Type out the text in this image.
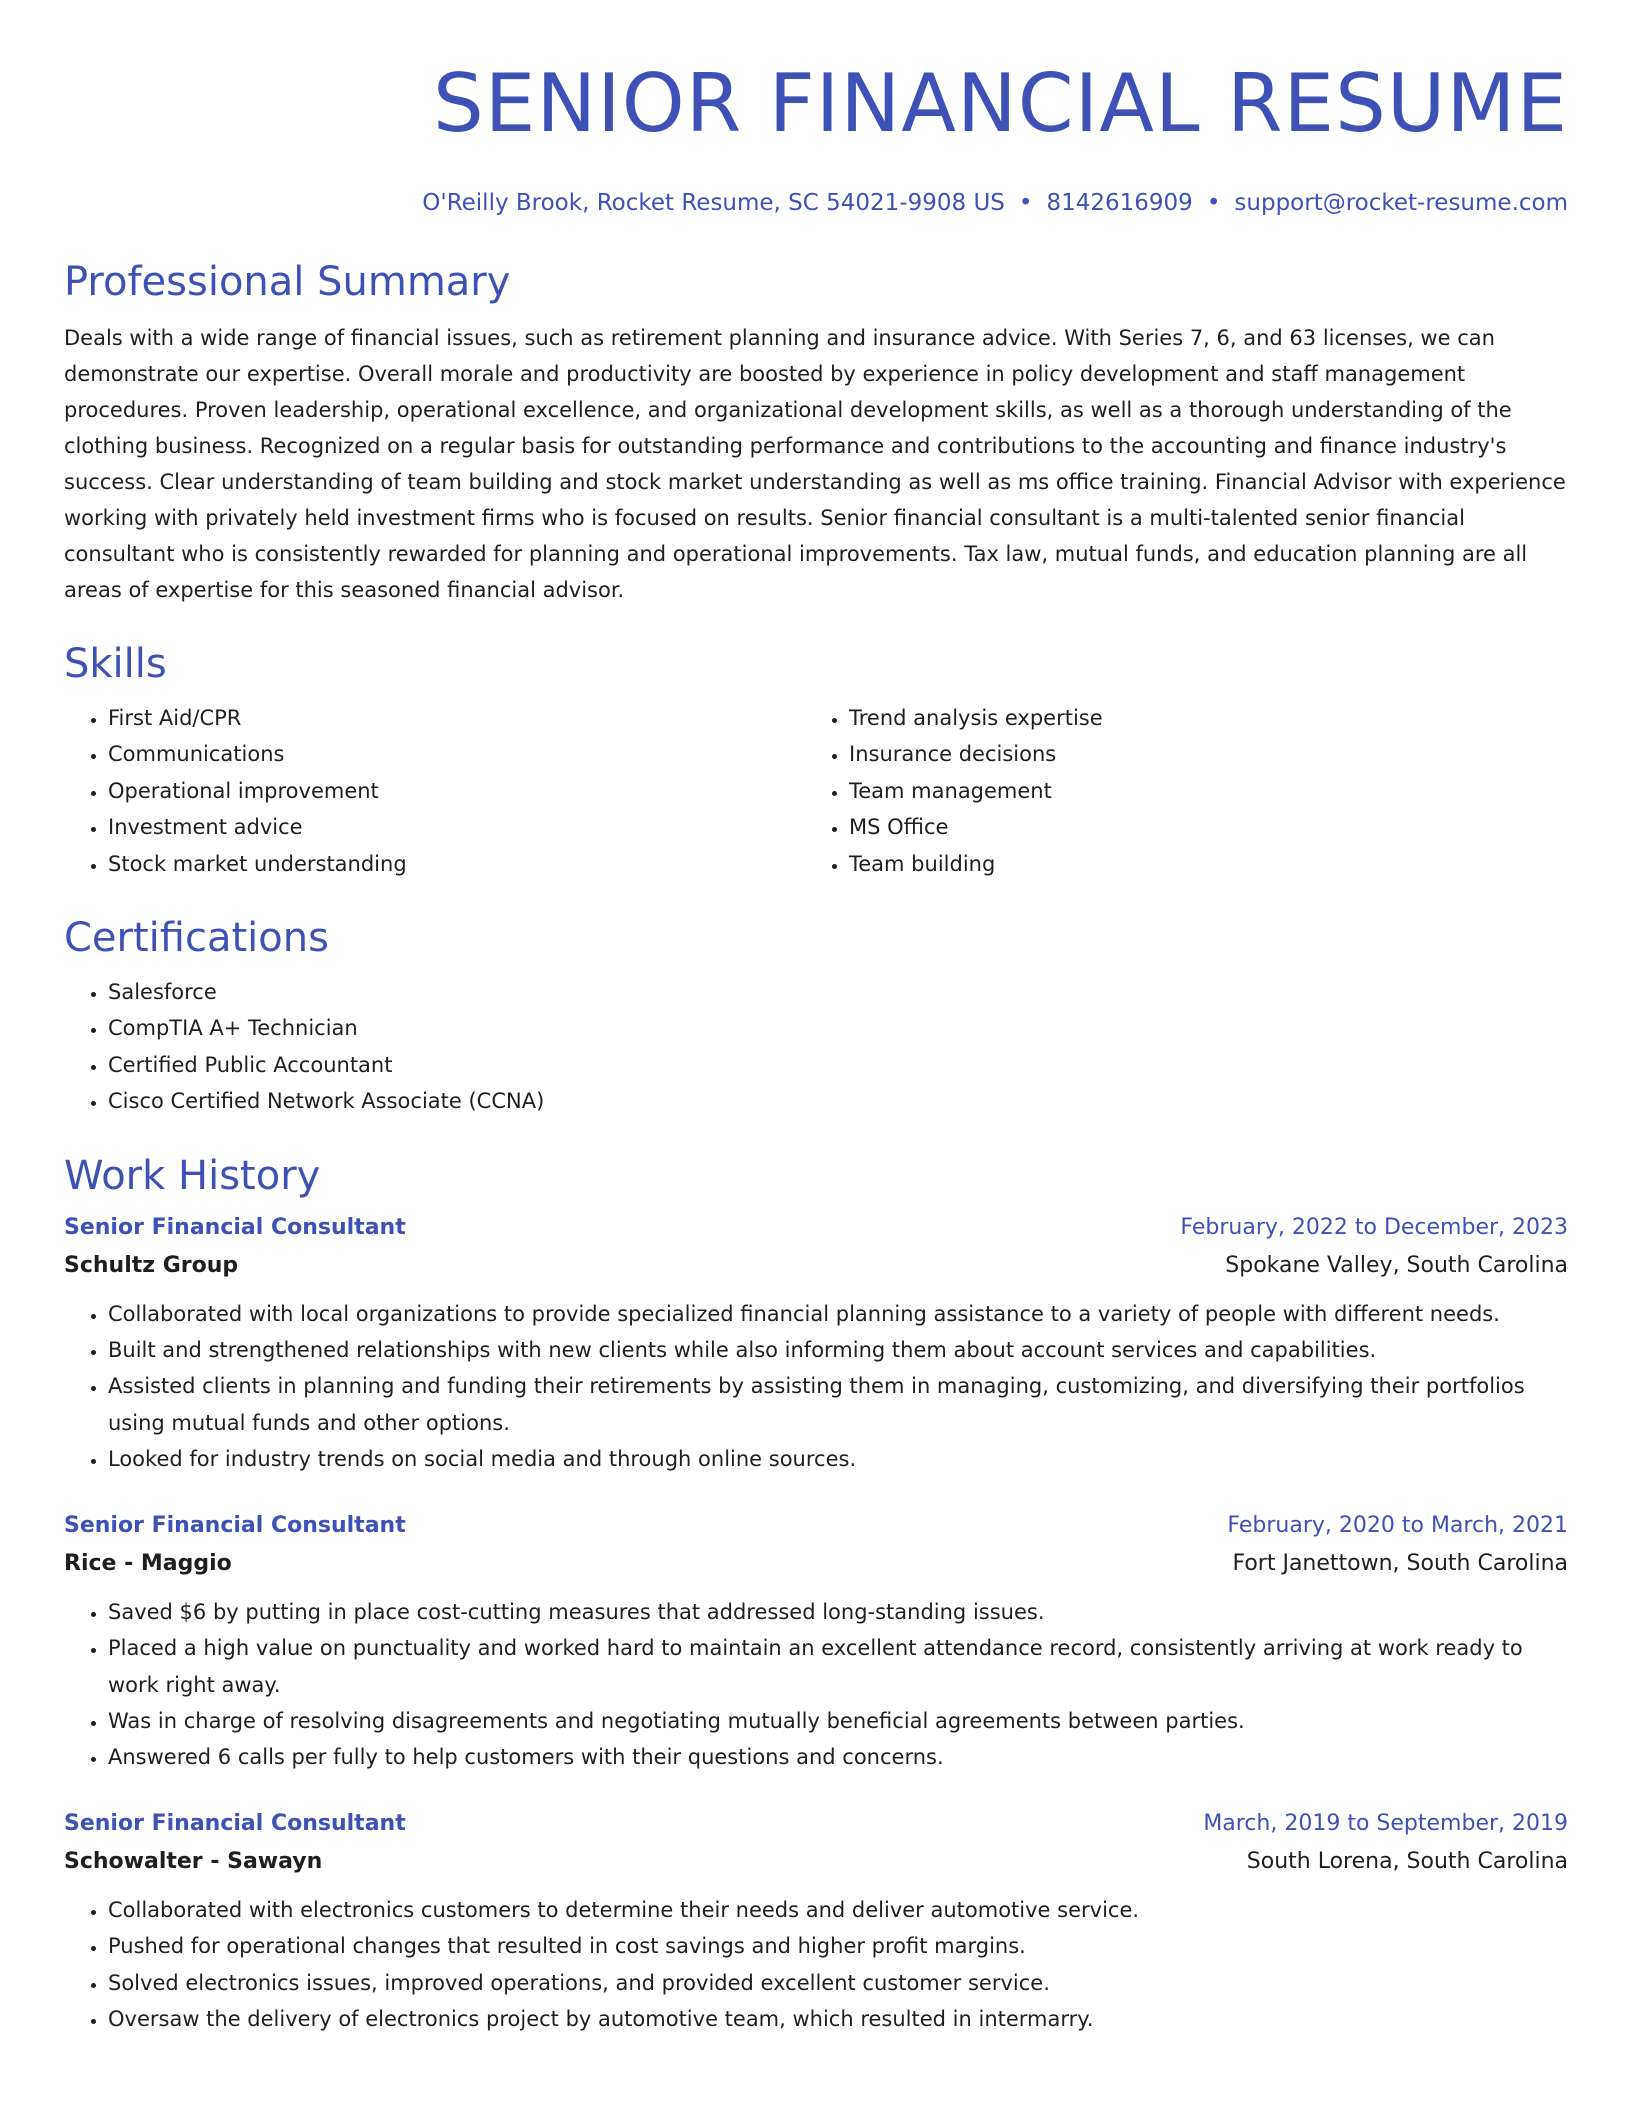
SENIOR FINANCIAL RESUME
O'Reilly Brook, Rocket Resume, SC 54021-9908 US • 8142616909 • support@rocket-resume.com
Professional Summary

Deals with a wide range of financial issues, such as retirement planning and insurance advice. With Series 7, 6, and 63 licenses, we can demonstrate our expertise. Overall morale and productivity are boosted by experience in policy development and staff management procedures. Proven leadership, operational excellence, and organizational development skills, as well as a thorough understanding of the clothing business. Recognized on a regular basis for outstanding performance and contributions to the accounting and finance industry's success. Clear understanding of team building and stock market understanding as well as ms office training. Financial Advisor with experience working with privately held investment firms who is focused on results. Senior financial consultant is a multi-talented senior financial consultant who is consistently rewarded for planning and operational improvements. Tax law, mutual funds, and education planning are all areas of expertise for this seasoned financial advisor.

Skills
• First Aid/CPR
• Communications
• Operational improvement
• Investment advice
• Stock market understanding
• Trend analysis expertise
• Insurance decisions
• Team management
• MS Office
• Team building
Certifications
• Salesforce
• CompTIA A+ Technician
• Certified Public Accountant
• Cisco Certified Network Associate (CCNA)
Work History
Senior Financial Consultant	February, 2022 to December, 2023
Schultz Group	Spokane Valley, South Carolina
• Collaborated with local organizations to provide specialized financial planning assistance to a variety of people with different needs.
• Built and strengthened relationships with new clients while also informing them about account services and capabilities.
• Assisted clients in planning and funding their retirements by assisting them in managing, customizing, and diversifying their portfolios using mutual funds and other options.
• Looked for industry trends on social media and through online sources.
Senior Financial Consultant	February, 2020 to March, 2021
Rice - Maggio	Fort Janettown, South Carolina
• Saved $6 by putting in place cost-cutting measures that addressed long-standing issues.
• Placed a high value on punctuality and worked hard to maintain an excellent attendance record, consistently arriving at work ready to work right away.
• Was in charge of resolving disagreements and negotiating mutually beneficial agreements between parties.
• Answered 6 calls per fully to help customers with their questions and concerns.
Senior Financial Consultant	March, 2019 to September, 2019
Schowalter - Sawayn	South Lorena, South Carolina
• Collaborated with electronics customers to determine their needs and deliver automotive service.
• Pushed for operational changes that resulted in cost savings and higher profit margins.
• Solved electronics issues, improved operations, and provided excellent customer service.
• Oversaw the delivery of electronics project by automotive team, which resulted in intermarry.
